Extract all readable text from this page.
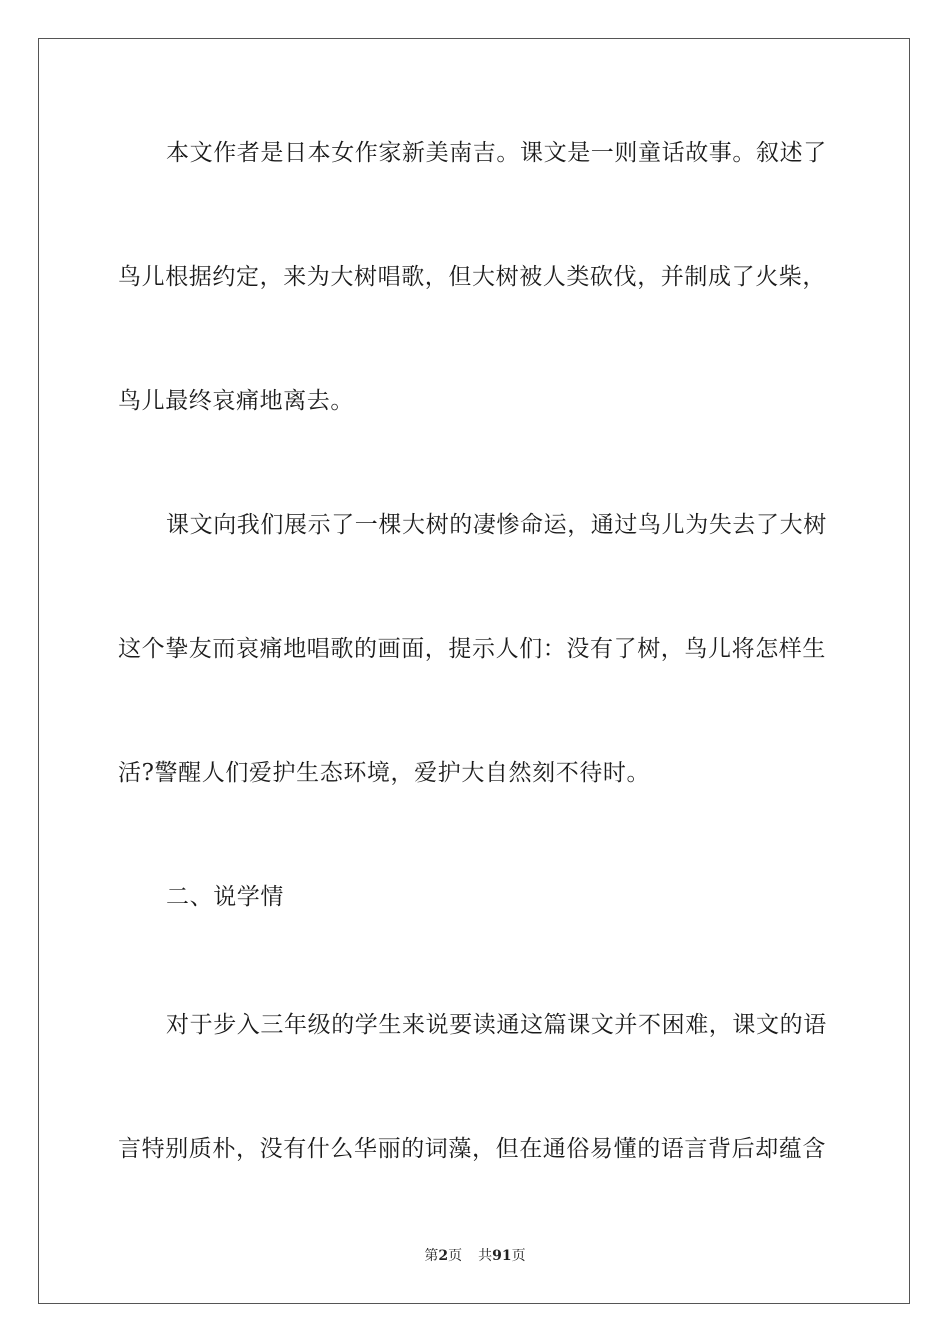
本文作者是日本女作家新美南吉。课文是一则童话故事。叙述了
鸟儿根据约定，来为大树唱歌，但大树被人类砍伐，并制成了火柴，
鸟儿最终哀痛地离去。
课文向我们展示了一棵大树的凄惨命运，通过鸟儿为失去了大树
这个挚友而哀痛地唱歌的画面，提示人们：没有了树，鸟儿将怎样生
活?警醒人们爱护生态环境，爱护大自然刻不待时。
二、说学情
对于步入三年级的学生来说要读通这篇课文并不困难，课文的语
言特别质朴，没有什么华丽的词藻，但在通俗易懂的语言背后却蕴含
第2页 共91页
